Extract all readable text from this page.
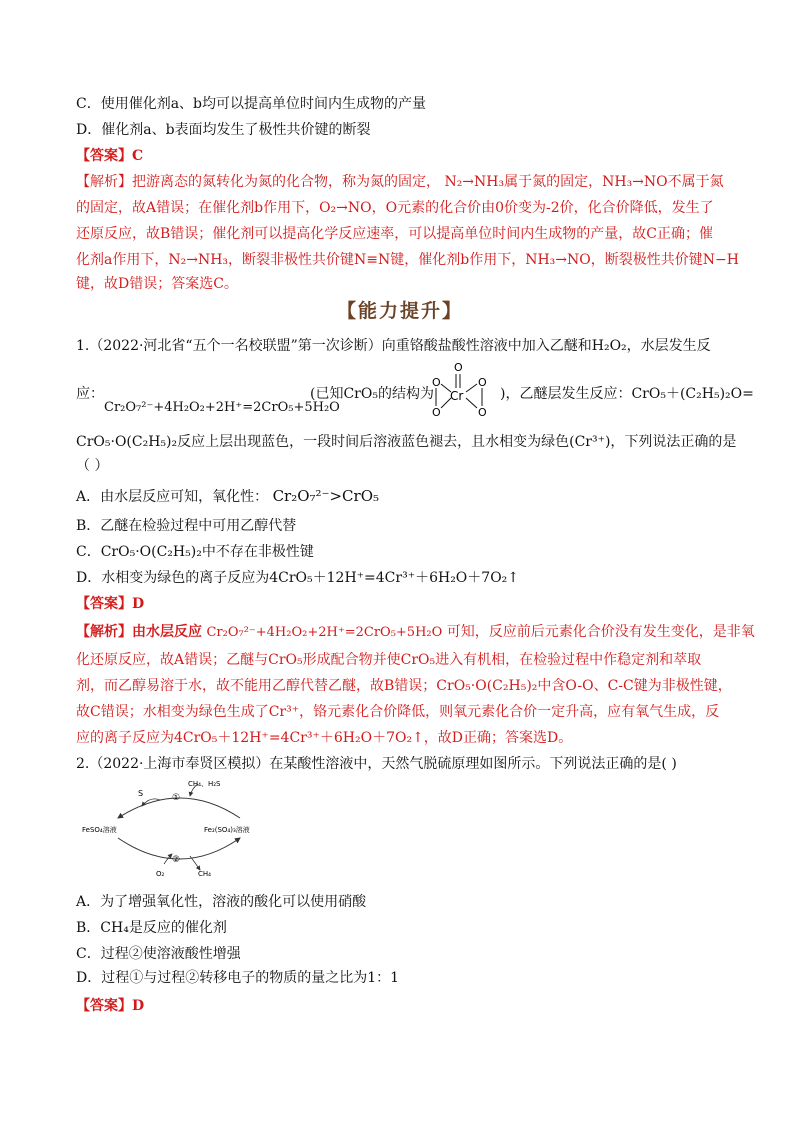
C．使用催化剂a、b均可以提高单位时间内生成物的产量
D．催化剂a、b表面均发生了极性共价键的断裂
【答案】C
【解析】把游离态的氮转化为氮的化合物，称为氮的固定， N₂→NH₃属于氮的固定，NH₃→NO不属于氮
的固定，故A错误；在催化剂b作用下，O₂→NO，O元素的化合价由0价变为-2价，化合价降低，发生了
还原反应，故B错误；催化剂可以提高化学反应速率，可以提高单位时间内生成物的产量，故C正确；催
化剂a作用下，N₂→NH₃，断裂非极性共价键N≡N键，催化剂b作用下，NH₃→NO，断裂极性共价键N−H
键，故D错误；答案选C。
【能力提升】
1.（2022·河北省“五个一名校联盟”第一次诊断）向重铬酸盐酸性溶液中加入乙醚和H₂O₂，水层发生反
应：
Cr₂O₇²⁻+4H₂O₂+2H⁺=2CrO₅+5H₂O
(已知CrO₅的结构为
O
Cr
O	O
O	O
)，乙醚层发生反应：CrO₅＋(C₂H₅)₂O=
CrO₅·O(C₂H₅)₂反应上层出现蓝色，一段时间后溶液蓝色褪去，且水相变为绿色(Cr³⁺)，下列说法正确的是
（ ）
A．由水层反应可知，氧化性： Cr₂O₇²⁻>CrO₅
B．乙醚在检验过程中可用乙醇代替
C．CrO₅·O(C₂H₅)₂中不存在非极性键
D．水相变为绿色的离子反应为4CrO₅＋12H⁺=4Cr³⁺＋6H₂O＋7O₂↑
【答案】D
【解析】由水层反应 Cr₂O₇²⁻+4H₂O₂+2H⁺=2CrO₅+5H₂O 可知，反应前后元素化合价没有发生变化，是非氧
化还原反应，故A错误；乙醚与CrO₅形成配合物并使CrO₅进入有机相，在检验过程中作稳定剂和萃取
剂，而乙醇易溶于水，故不能用乙醇代替乙醚，故B错误；CrO₅·O(C₂H₅)₂中含O-O、C-C键为非极性键，
故C错误；水相变为绿色生成了Cr³⁺，铬元素化合价降低，则氧元素化合价一定升高，应有氧气生成，反
应的离子反应为4CrO₅＋12H⁺=4Cr³⁺＋6H₂O＋7O₂↑，故D正确；答案选D。
2.（2022·上海市奉贤区模拟）在某酸性溶液中，天然气脱硫原理如图所示。下列说法正确的是( )
S
CH₄、H₂S
①
FeSO₄溶液	Fe₂(SO₄)₃溶液
②
O₂	CH₄
A．为了增强氧化性，溶液的酸化可以使用硝酸
B．CH₄是反应的催化剂
C．过程②使溶液酸性增强
D．过程①与过程②转移电子的物质的量之比为1：1
【答案】D
